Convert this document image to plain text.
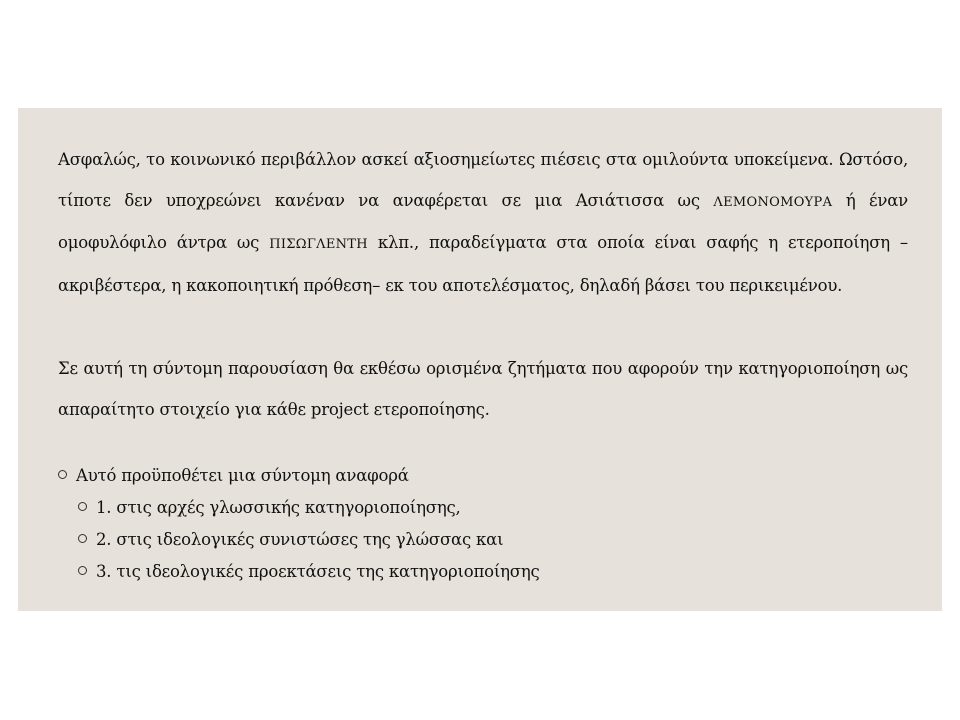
Ασφαλώς, το κοινωνικό περιβάλλον ασκεί αξιοσημείωτες πιέσεις στα ομιλούντα υποκείμενα. Ωστόσο, τίποτε δεν υποχρεώνει κανέναν να αναφέρεται σε μια Ασιάτισσα ως ΛΕΜΟΝΟΜΟΥΡΑ ή έναν ομοφυλόφιλο άντρα ως ΠΙΣΩΓΛΕΝΤΗ κλπ., παραδείγματα στα οποία είναι σαφής η ετεροποίηση –ακριβέστερα, η κακοποιητική πρόθεση– εκ του αποτελέσματος, δηλαδή βάσει του περικειμένου.

Σε αυτή τη σύντομη παρουσίαση θα εκθέσω ορισμένα ζητήματα που αφορούν την κατηγοριοποίηση ως απαραίτητο στοιχείο για κάθε project ετεροποίησης.

Αυτό προϋποθέτει μια σύντομη αναφορά
1. στις αρχές γλωσσικής κατηγοριοποίησης,
2. στις ιδεολογικές συνιστώσες της γλώσσας και
3. τις ιδεολογικές προεκτάσεις της κατηγοριοποίησης
